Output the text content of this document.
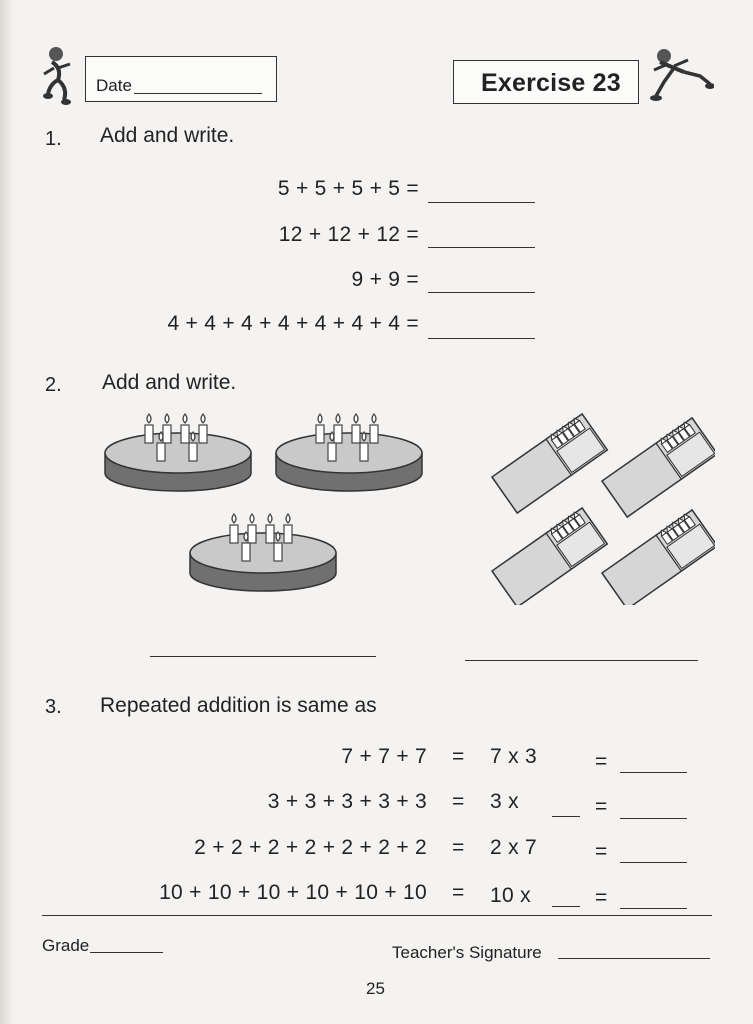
Date	Exercise 23
1. Add and write.
5 + 5 + 5 + 5 =
12 + 12 + 12 =
9 + 9 =
4 + 4 + 4 + 4 + 4 + 4 + 4 =
2. Add and write.
3. Repeated addition is same as
7 + 7 + 7 = 7 x 3	=
3 + 3 + 3 + 3 + 3 = 3 x	=
2 + 2 + 2 + 2 + 2 + 2 + 2 = 2 x 7	=
10 + 10 + 10 + 10 + 10 + 10 = 10 x	=
Grade	Teacher's Signature
25
